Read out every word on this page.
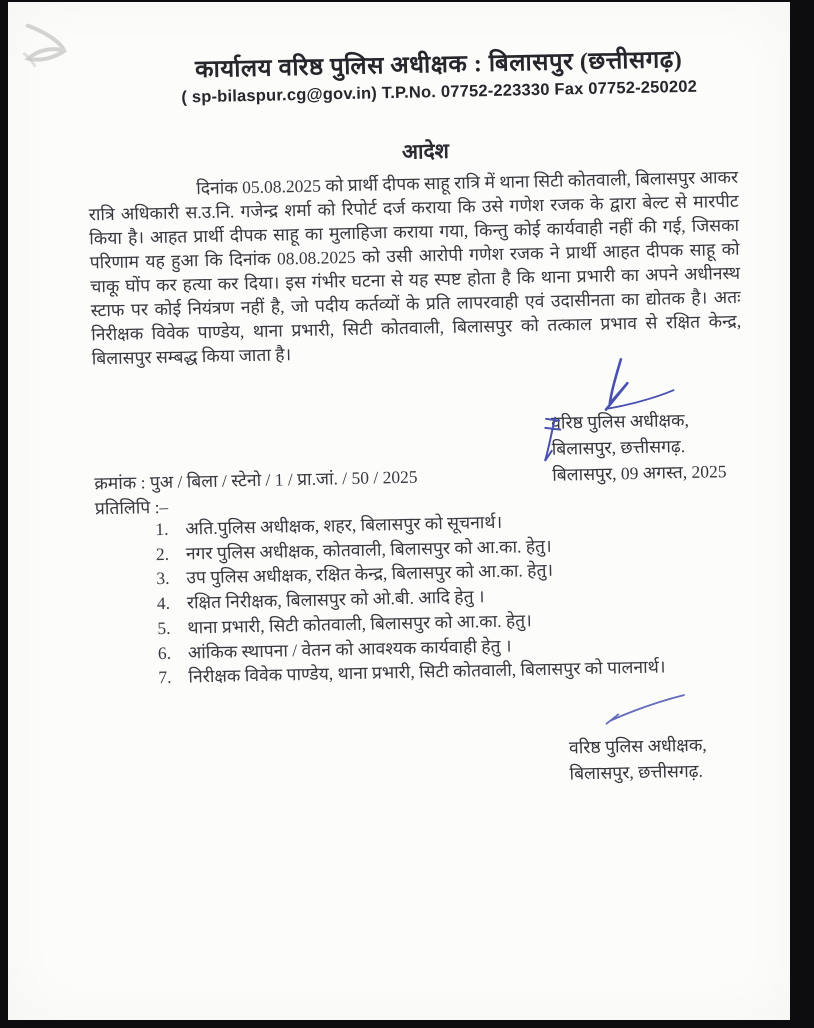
कार्यालय वरिष्ठ पुलिस अधीक्षक : बिलासपुर (छत्तीसगढ़)
( sp-bilaspur.cg@gov.in) T.P.No. 07752-223330 Fax 07752-250202
आदेश
दिनांक 05.08.2025 को प्रार्थी दीपक साहू रात्रि में थाना सिटी कोतवाली, बिलासपुर आकर रात्रि अधिकारी स.उ.नि. गजेन्द्र शर्मा को रिपोर्ट दर्ज कराया कि उसे गणेश रजक के द्वारा बेल्ट से मारपीट किया है। आहत प्रार्थी दीपक साहू का मुलाहिजा कराया गया, किन्तु कोई कार्यवाही नहीं की गई, जिसका परिणाम यह हुआ कि दिनांक 08.08.2025 को उसी आरोपी गणेश रजक ने प्रार्थी आहत दीपक साहू को चाकू घोंप कर हत्या कर दिया। इस गंभीर घटना से यह स्पष्ट होता है कि थाना प्रभारी का अपने अधीनस्थ स्टाफ पर कोई नियंत्रण नहीं है, जो पदीय कर्तव्यों के प्रति लापरवाही एवं उदासीनता का द्योतक है। अतः निरीक्षक विवेक पाण्डेय, थाना प्रभारी, सिटी कोतवाली, बिलासपुर को तत्काल प्रभाव से रक्षित केन्द्र, बिलासपुर सम्बद्ध किया जाता है।
वरिष्ठ पुलिस अधीक्षक,
बिलासपुर, छत्तीसगढ़.
बिलासपुर, 09 अगस्त, 2025
क्रमांक : पुअ / बिला / स्टेनो / 1 / प्रा.जां. / 50 / 2025
प्रतिलिपि :–
1. अति.पुलिस अधीक्षक, शहर, बिलासपुर को सूचनार्थ।
2. नगर पुलिस अधीक्षक, कोतवाली, बिलासपुर को आ.का. हेतु।
3. उप पुलिस अधीक्षक, रक्षित केन्द्र, बिलासपुर को आ.का. हेतु।
4. रक्षित निरीक्षक, बिलासपुर को ओ.बी. आदि हेतु ।
5. थाना प्रभारी, सिटी कोतवाली, बिलासपुर को आ.का. हेतु।
6. आंकिक स्थापना / वेतन को आवश्यक कार्यवाही हेतु ।
7. निरीक्षक विवेक पाण्डेय, थाना प्रभारी, सिटी कोतवाली, बिलासपुर को पालनार्थ।
वरिष्ठ पुलिस अधीक्षक,
बिलासपुर, छत्तीसगढ़.
